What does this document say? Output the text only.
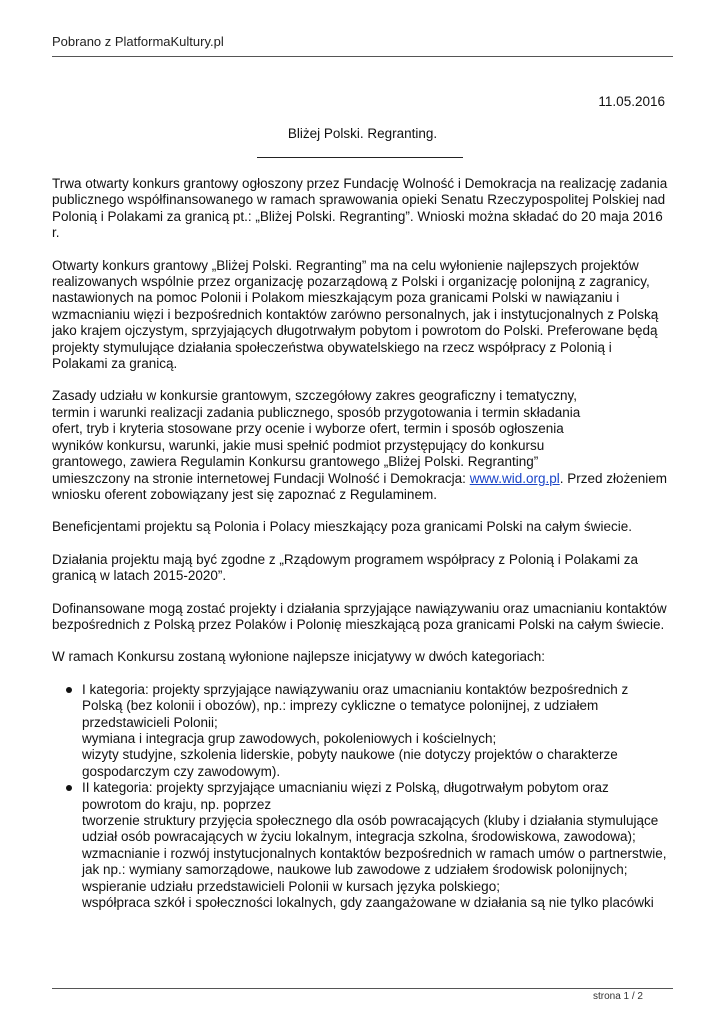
Pobrano z PlatformaKultury.pl
11.05.2016
Bliżej Polski. Regranting.

Trwa otwarty konkurs grantowy ogłoszony przez Fundację Wolność i Demokracja na realizację zadania publicznego współfinansowanego w ramach sprawowania opieki Senatu Rzeczypospolitej Polskiej nad Polonią i Polakami za granicą pt.: „Bliżej Polski. Regranting”. Wnioski można składać do 20 maja 2016 r.

Otwarty konkurs grantowy „Bliżej Polski. Regranting” ma na celu wyłonienie najlepszych projektów realizowanych wspólnie przez organizację pozarządową z Polski i organizację polonijną z zagranicy, nastawionych na pomoc Polonii i Polakom mieszkającym poza granicami Polski w nawiązaniu i wzmacnianiu więzi i bezpośrednich kontaktów zarówno personalnych, jak i instytucjonalnych z Polską jako krajem ojczystym, sprzyjających długotrwałym pobytom i powrotom do Polski. Preferowane będą projekty stymulujące działania społeczeństwa obywatelskiego na rzecz współpracy z Polonią i Polakami za granicą.

Zasady udziału w konkursie grantowym, szczegółowy zakres geograficzny i tematyczny,
termin i warunki realizacji zadania publicznego, sposób przygotowania i termin składania
ofert, tryb i kryteria stosowane przy ocenie i wyborze ofert, termin i sposób ogłoszenia
wyników konkursu, warunki, jakie musi spełnić podmiot przystępujący do konkursu
grantowego, zawiera Regulamin Konkursu grantowego „Bliżej Polski. Regranting”
umieszczony na stronie internetowej Fundacji Wolność i Demokracja: www.wid.org.pl. Przed złożeniem wniosku oferent zobowiązany jest się zapoznać z Regulaminem.

Beneficjentami projektu są Polonia i Polacy mieszkający poza granicami Polski na całym świecie.

Działania projektu mają być zgodne z „Rządowym programem współpracy z Polonią i Polakami za granicą w latach 2015-2020”.

Dofinansowane mogą zostać projekty i działania sprzyjające nawiązywaniu oraz umacnianiu kontaktów bezpośrednich z Polską przez Polaków i Polonię mieszkającą poza granicami Polski na całym świecie.

W ramach Konkursu zostaną wyłonione najlepsze inicjatywy w dwóch kategoriach:

I kategoria: projekty sprzyjające nawiązywaniu oraz umacnianiu kontaktów bezpośrednich z Polską (bez kolonii i obozów), np.: imprezy cykliczne o tematyce polonijnej, z udziałem przedstawicieli Polonii;
wymiana i integracja grup zawodowych, pokoleniowych i kościelnych;
wizyty studyjne, szkolenia liderskie, pobyty naukowe (nie dotyczy projektów o charakterze gospodarczym czy zawodowym).
II kategoria: projekty sprzyjające umacnianiu więzi z Polską, długotrwałym pobytom oraz powrotom do kraju, np. poprzez
tworzenie struktury przyjęcia społecznego dla osób powracających (kluby i działania stymulujące udział osób powracających w życiu lokalnym, integracja szkolna, środowiskowa, zawodowa);
wzmacnianie i rozwój instytucjonalnych kontaktów bezpośrednich w ramach umów o partnerstwie, jak np.: wymiany samorządowe, naukowe lub zawodowe z udziałem środowisk polonijnych;
wspieranie udziału przedstawicieli Polonii w kursach języka polskiego;
współpraca szkół i społeczności lokalnych, gdy zaangażowane w działania są nie tylko placówki
strona 1 / 2
